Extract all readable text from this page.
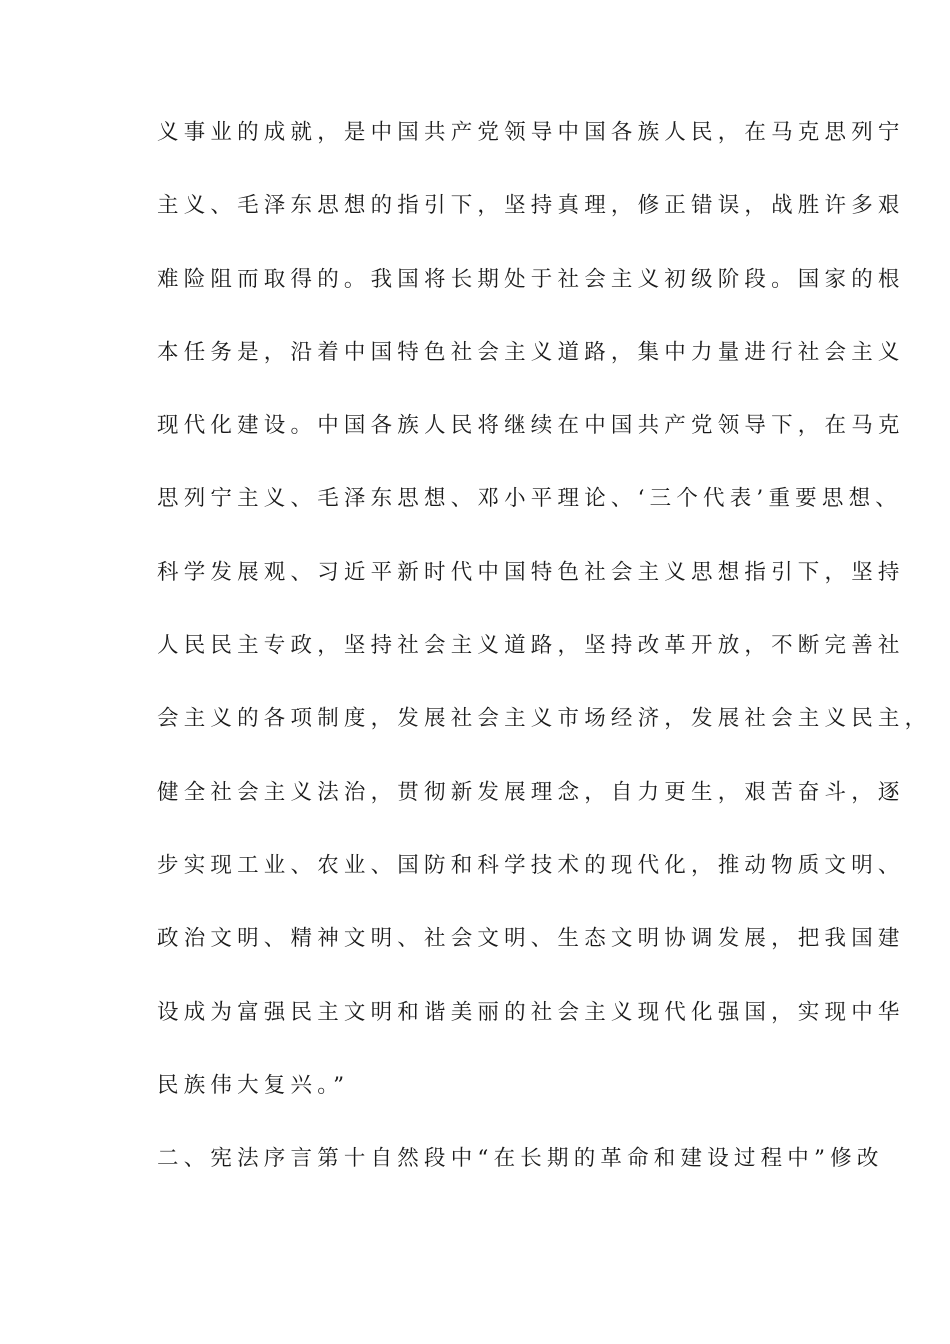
义事业的成就，是中国共产党领导中国各族人民，在马克思列宁
主义、毛泽东思想的指引下，坚持真理，修正错误，战胜许多艰
难险阻而取得的。我国将长期处于社会主义初级阶段。国家的根
本任务是，沿着中国特色社会主义道路，集中力量进行社会主义
现代化建设。中国各族人民将继续在中国共产党领导下，在马克
思列宁主义、毛泽东思想、邓小平理论、‘三个代表’重要思想、
科学发展观、习近平新时代中国特色社会主义思想指引下，坚持
人民民主专政，坚持社会主义道路，坚持改革开放，不断完善社
会主义的各项制度，发展社会主义市场经济，发展社会主义民主，
健全社会主义法治，贯彻新发展理念，自力更生，艰苦奋斗，逐
步实现工业、农业、国防和科学技术的现代化，推动物质文明、
政治文明、精神文明、社会文明、生态文明协调发展，把我国建
设成为富强民主文明和谐美丽的社会主义现代化强国，实现中华
民族伟大复兴。”
二、宪法序言第十自然段中“在长期的革命和建设过程中”修改
